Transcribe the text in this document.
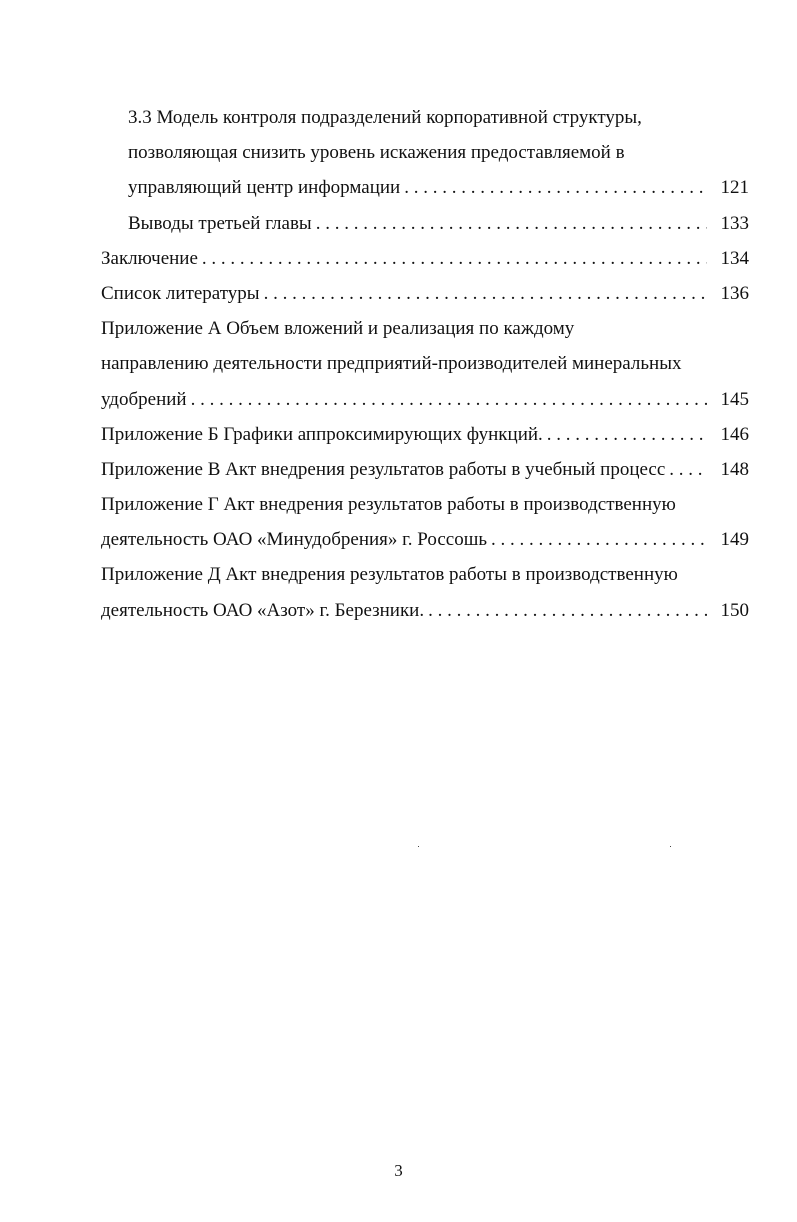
3.3 Модель контроля подразделений корпоративной структуры,
позволяющая снизить уровень искажения предоставляемой в
управляющий центр информации . . .	121
Выводы третьей главы . . .	133
Заключение . . .	134
Список литературы . . .	136
Приложение А Объем вложений и реализация по каждому
направлению деятельности предприятий-производителей минеральных
удобрений . . .	145
Приложение Б Графики аппроксимирующих функций. . . .	146
Приложение В Акт внедрения результатов работы в учебный процесс . . .	148
Приложение Г Акт внедрения результатов работы в производственную
деятельность ОАО «Минудобрения» г. Россошь . . .	149
Приложение Д Акт внедрения результатов работы в производственную
деятельность ОАО «Азот» г. Березники. . . .	150
3
